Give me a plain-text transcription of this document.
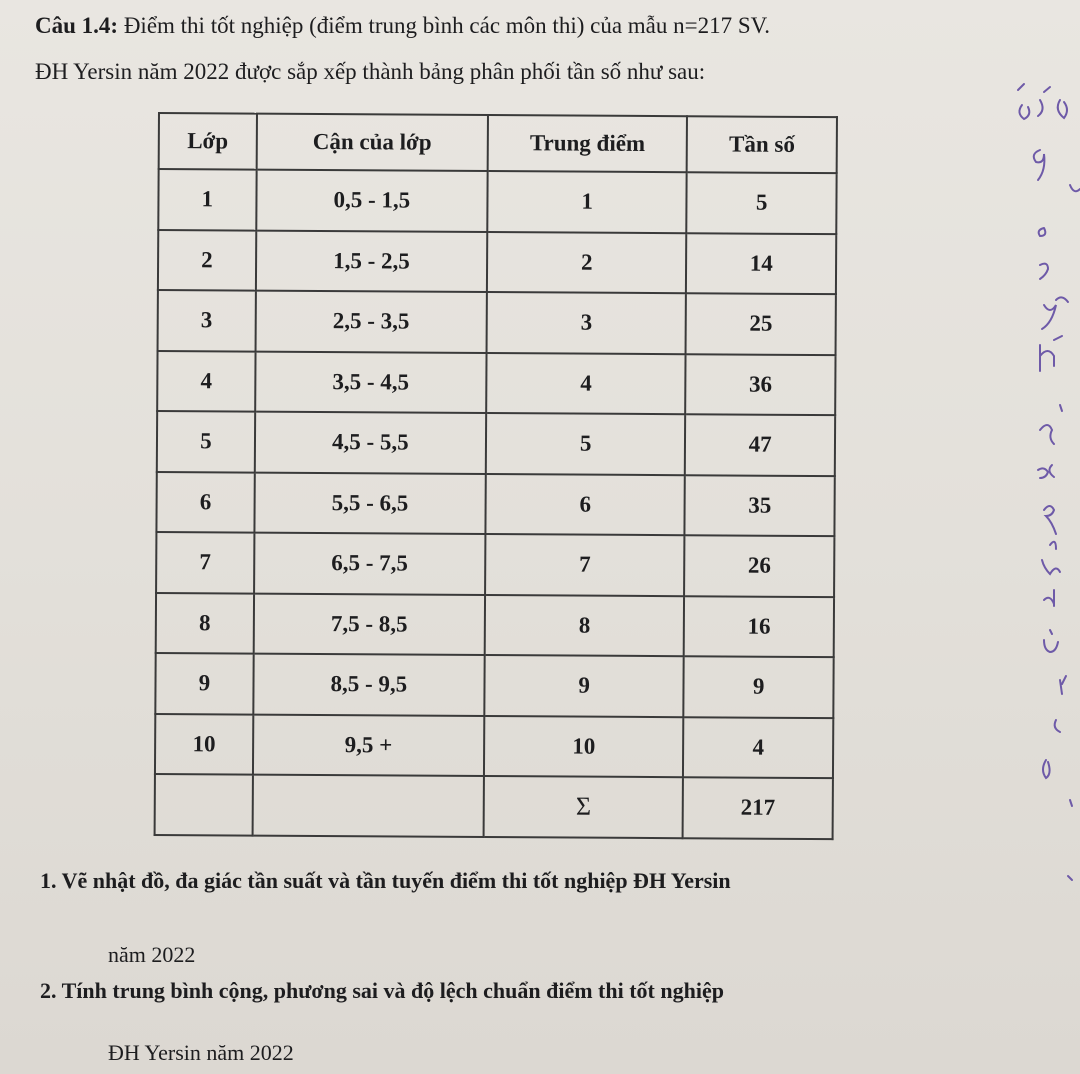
Câu 1.4: Điểm thi tốt nghiệp (điểm trung bình các môn thi) của mẫu n=217 SV.
ĐH Yersin năm 2022 được sắp xếp thành bảng phân phối tần số như sau:
Lớp	Cận của lớp	Trung điểm	Tần số
1	0,5 - 1,5	1	5
2	1,5 - 2,5	2	14
3	2,5 - 3,5	3	25
4	3,5 - 4,5	4	36
5	4,5 - 5,5	5	47
6	5,5 - 6,5	6	35
7	6,5 - 7,5	7	26
8	7,5 - 8,5	8	16
9	8,5 - 9,5	9	9
10	9,5 +	10	4
		Σ	217
1. Vẽ nhật đồ, đa giác tần suất và tần tuyến điểm thi tốt nghiệp ĐH Yersin
năm 2022
2. Tính trung bình cộng, phương sai và độ lệch chuẩn điểm thi tốt nghiệp
ĐH Yersin năm 2022
